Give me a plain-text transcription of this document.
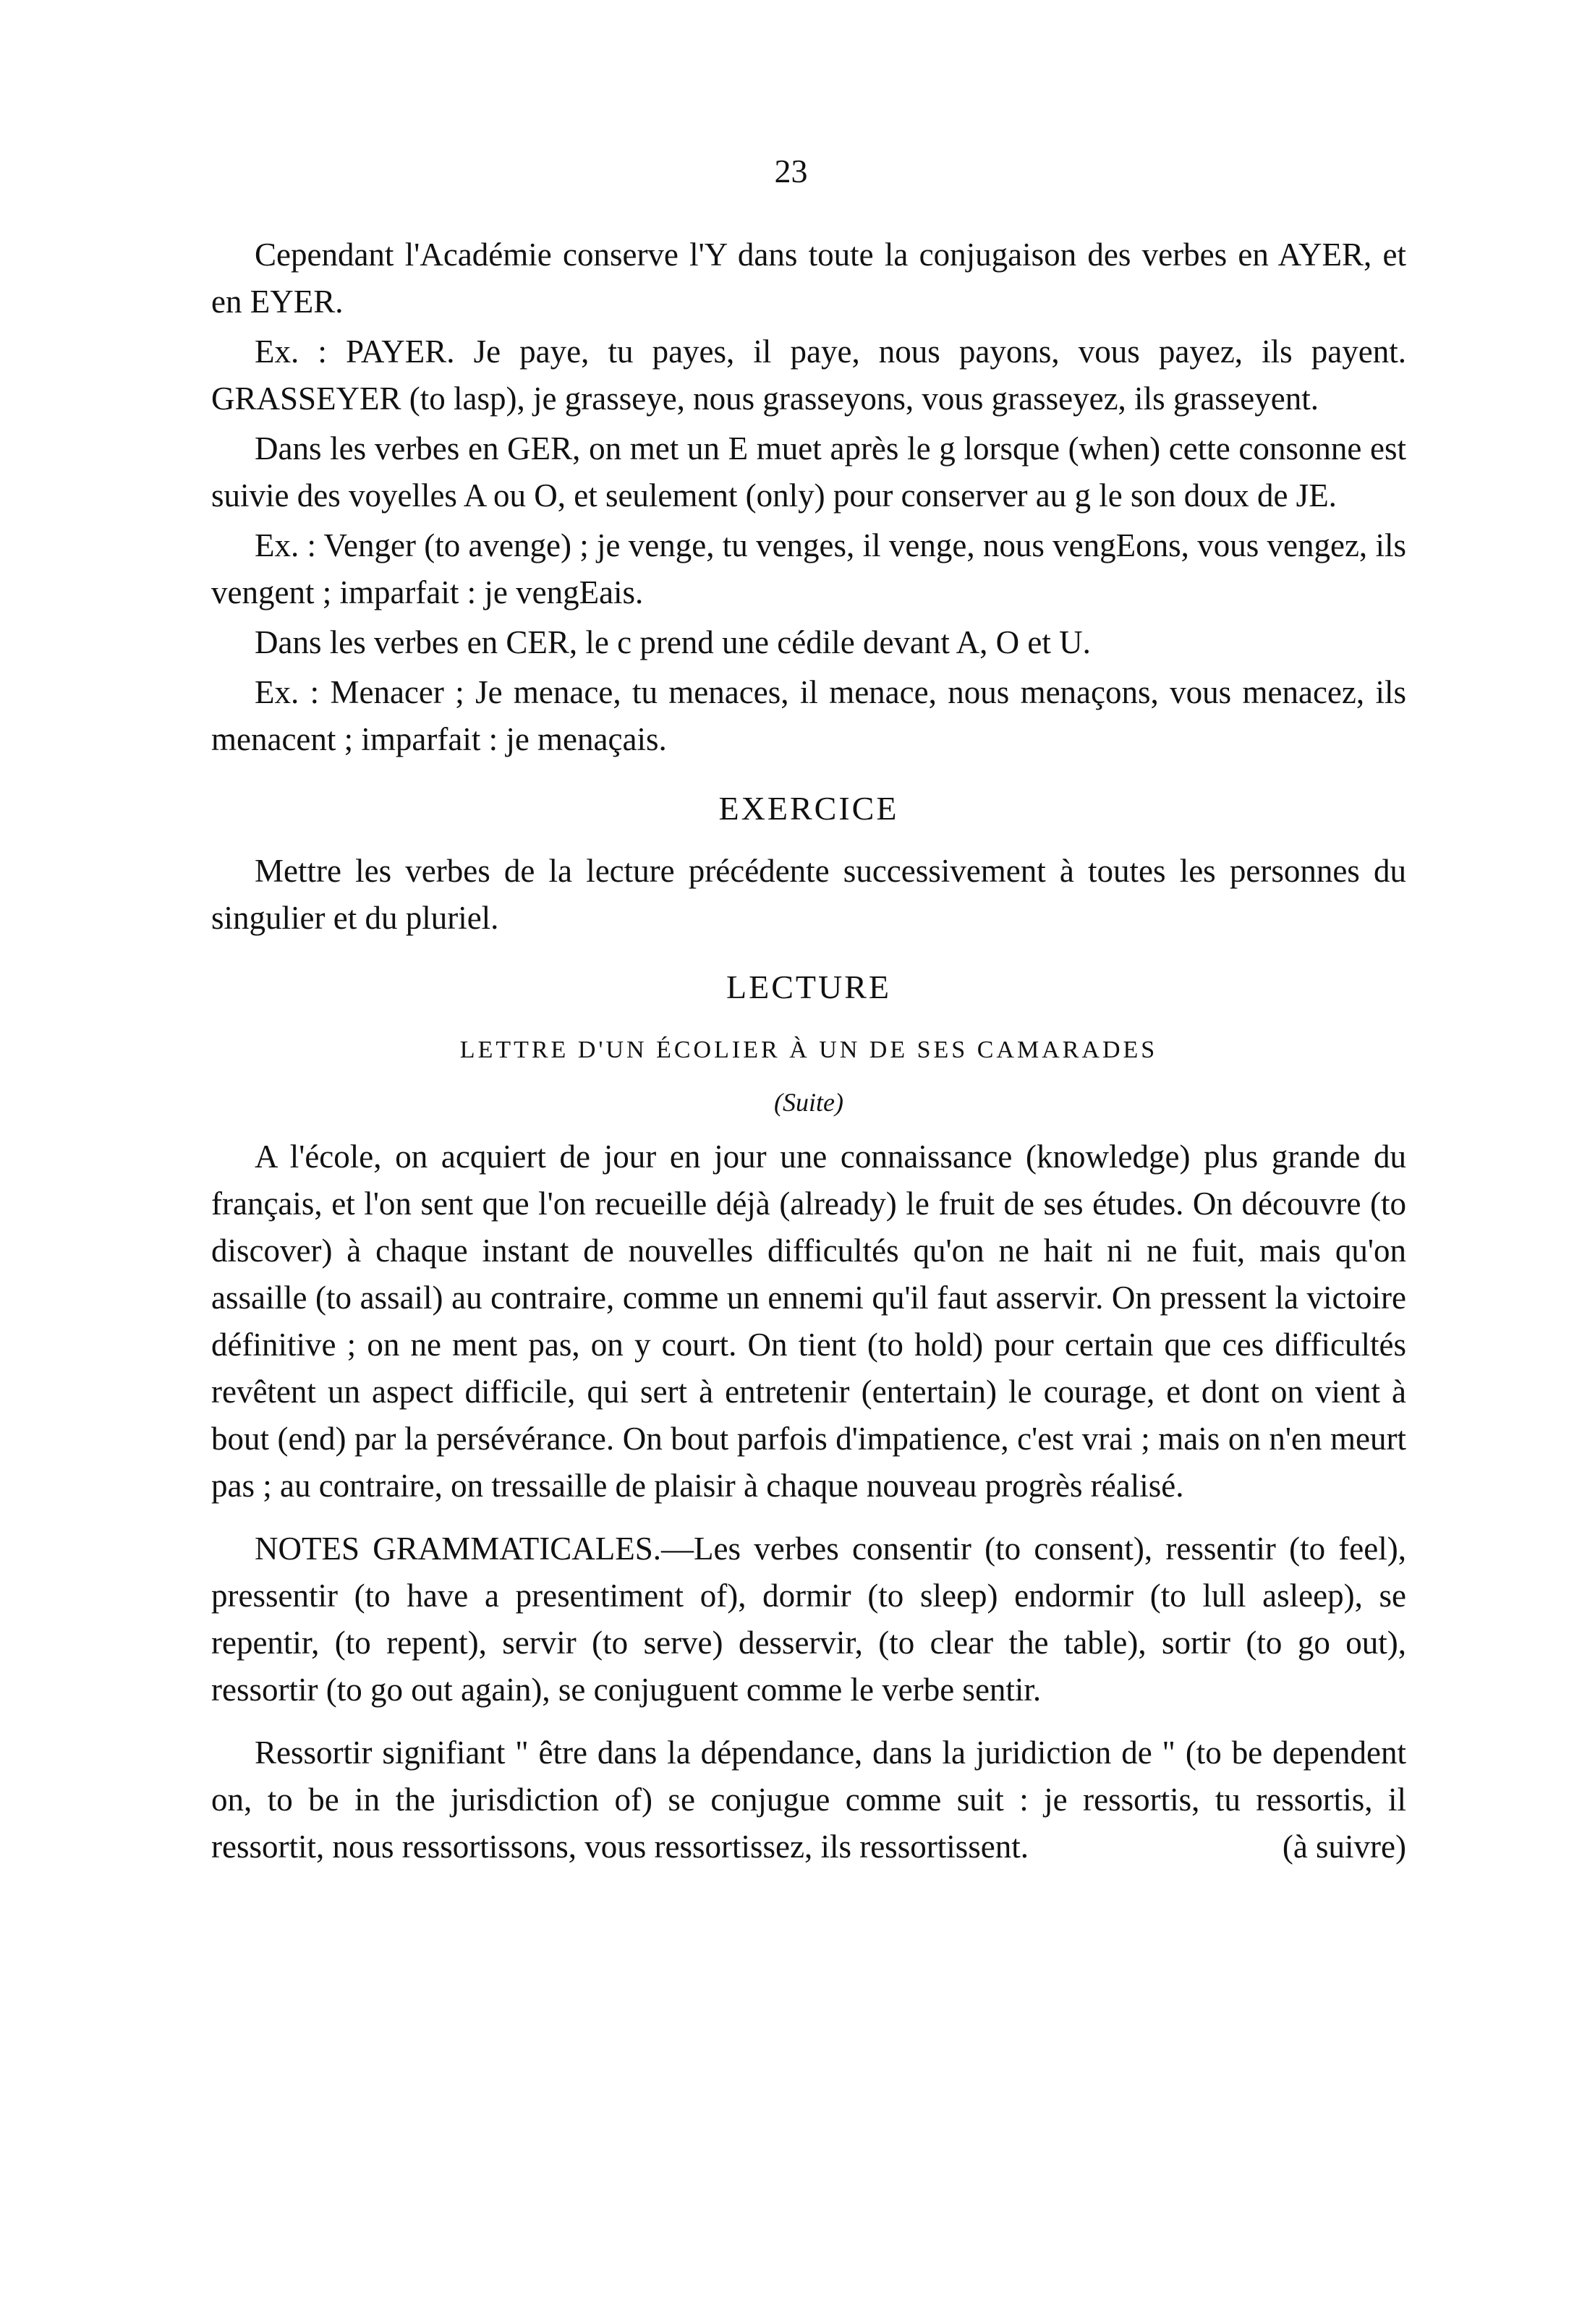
23

Cependant l'Académie conserve l'Y dans toute la conjugaison des verbes en AYER, et en EYER.

Ex. : PAYER. Je paye, tu payes, il paye, nous payons, vous payez, ils payent. GRASSEYER (to lasp), je grasseye, nous grasseyons, vous grasseyez, ils grasseyent.

Dans les verbes en GER, on met un E muet après le g lorsque (when) cette consonne est suivie des voyelles A ou O, et seulement (only) pour conserver au g le son doux de JE.

Ex. : Venger (to avenge) ; je venge, tu venges, il venge, nous vengEons, vous vengez, ils vengent ; imparfait : je vengEais.

Dans les verbes en CER, le c prend une cédile devant A, O et U.

Ex. : Menacer ; Je menace, tu menaces, il menace, nous menaçons, vous menacez, ils menacent ; imparfait : je menaçais.

EXERCICE

Mettre les verbes de la lecture précédente successivement à toutes les personnes du singulier et du pluriel.

LECTURE
LETTRE D'UN ÉCOLIER À UN DE SES CAMARADES
(Suite)

A l'école, on acquiert de jour en jour une connaissance (knowledge) plus grande du français, et l'on sent que l'on recueille déjà (already) le fruit de ses études. On découvre (to discover) à chaque instant de nouvelles difficultés qu'on ne hait ni ne fuit, mais qu'on assaille (to assail) au contraire, comme un ennemi qu'il faut asservir. On pressent la victoire définitive ; on ne ment pas, on y court. On tient (to hold) pour certain que ces difficultés revêtent un aspect difficile, qui sert à entretenir (entertain) le courage, et dont on vient à bout (end) par la persévérance. On bout parfois d'impatience, c'est vrai ; mais on n'en meurt pas ; au contraire, on tressaille de plaisir à chaque nouveau progrès réalisé.

NOTES GRAMMATICALES.—Les verbes consentir (to consent), ressentir (to feel), pressentir (to have a presentiment of), dormir (to sleep) endormir (to lull asleep), se repentir, (to repent), servir (to serve) desservir, (to clear the table), sortir (to go out), ressortir (to go out again), se conjuguent comme le verbe sentir.

Ressortir signifiant " être dans la dépendance, dans la juridiction de " (to be dependent on, to be in the jurisdiction of) se conjugue comme suit : je ressortis, tu ressortis, il ressortit, nous ressortissons, vous ressortissez, ils ressortissent.	(à suivre)
